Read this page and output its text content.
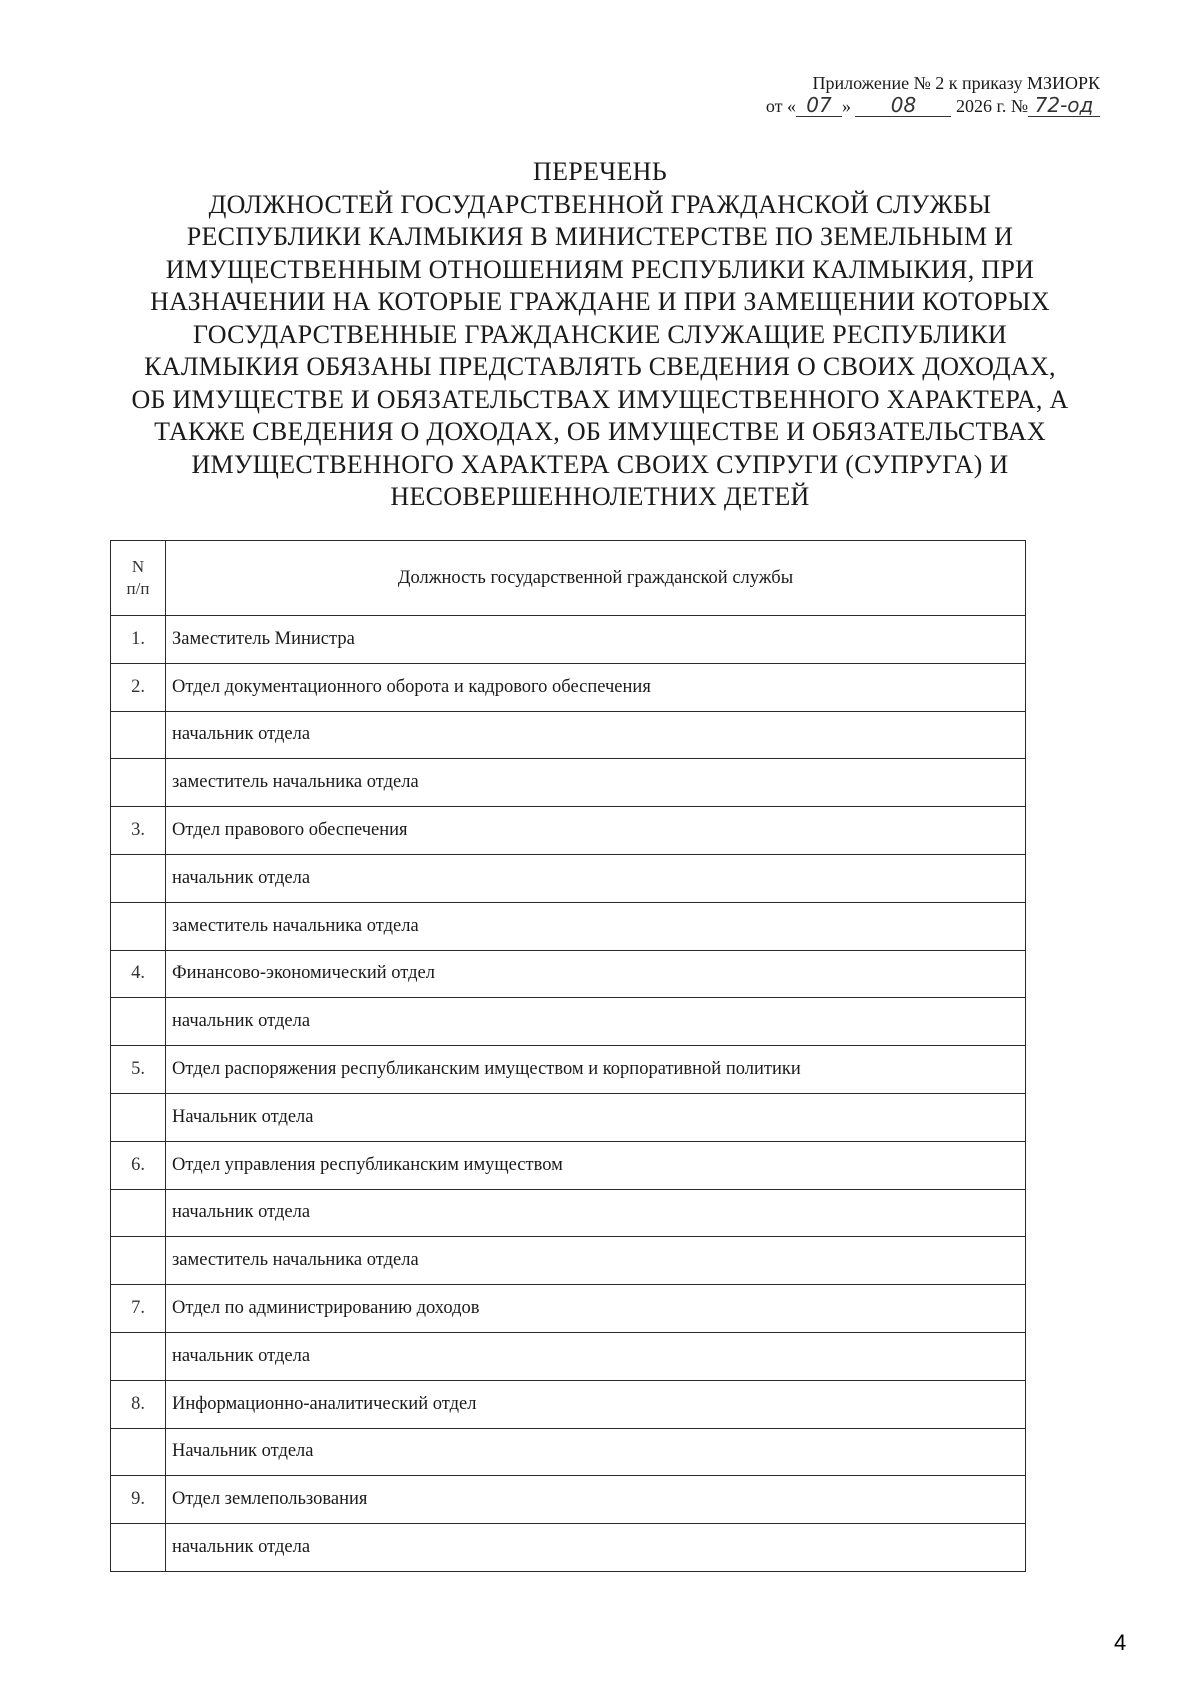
Приложение № 2 к приказу МЗИОРК
от « 07 » 08 2026 г. № 72-од
ПЕРЕЧЕНЬ
ДОЛЖНОСТЕЙ ГОСУДАРСТВЕННОЙ ГРАЖДАНСКОЙ СЛУЖБЫ
РЕСПУБЛИКИ КАЛМЫКИЯ В МИНИСТЕРСТВЕ ПО ЗЕМЕЛЬНЫМ И
ИМУЩЕСТВЕННЫМ ОТНОШЕНИЯМ РЕСПУБЛИКИ КАЛМЫКИЯ, ПРИ
НАЗНАЧЕНИИ НА КОТОРЫЕ ГРАЖДАНЕ И ПРИ ЗАМЕЩЕНИИ КОТОРЫХ
ГОСУДАРСТВЕННЫЕ ГРАЖДАНСКИЕ СЛУЖАЩИЕ РЕСПУБЛИКИ
КАЛМЫКИЯ ОБЯЗАНЫ ПРЕДСТАВЛЯТЬ СВЕДЕНИЯ О СВОИХ ДОХОДАХ,
ОБ ИМУЩЕСТВЕ И ОБЯЗАТЕЛЬСТВАХ ИМУЩЕСТВЕННОГО ХАРАКТЕРА, А
ТАКЖЕ СВЕДЕНИЯ О ДОХОДАХ, ОБ ИМУЩЕСТВЕ И ОБЯЗАТЕЛЬСТВАХ
ИМУЩЕСТВЕННОГО ХАРАКТЕРА СВОИХ СУПРУГИ (СУПРУГА) И
НЕСОВЕРШЕННОЛЕТНИХ ДЕТЕЙ
N
п/п	Должность государственной гражданской службы
1.	Заместитель Министра
2.	Отдел документационного оборота и кадрового обеспечения
	начальник отдела
	заместитель начальника отдела
3.	Отдел правового обеспечения
	начальник отдела
	заместитель начальника отдела
4.	Финансово-экономический отдел
	начальник отдела
5.	Отдел распоряжения республиканским имуществом и корпоративной политики
	Начальник отдела
6.	Отдел управления республиканским имуществом
	начальник отдела
	заместитель начальника отдела
7.	Отдел по администрированию доходов
	начальник отдела
8.	Информационно-аналитический отдел
	Начальник отдела
9.	Отдел землепользования
	начальник отдела
4
